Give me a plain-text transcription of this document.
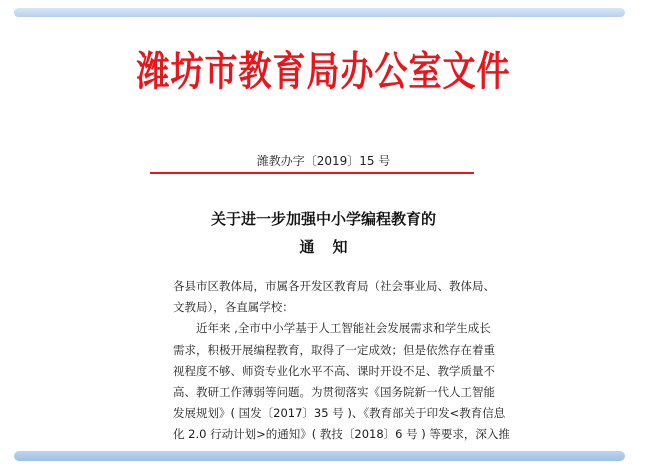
潍坊市教育局办公室文件
潍教办字〔2019〕15 号
关于进一步加强中小学编程教育的
通知
各县市区教体局，市属各开发区教育局（社会事业局、教体局、
文教局），各直属学校：
近年来 ,全市中小学基于人工智能社会发展需求和学生成长
需求，积极开展编程教育，取得了一定成效；但是依然存在着重
视程度不够、师资专业化水平不高、课时开设不足、教学质量不
高、教研工作薄弱等问题。为贯彻落实《国务院新一代人工智能
发展规划》( 国发〔2017〕35 号 )、《教育部关于印发<教育信息
化 2.0 行动计划>的通知》( 教技〔2018〕6 号 ) 等要求，深入推
